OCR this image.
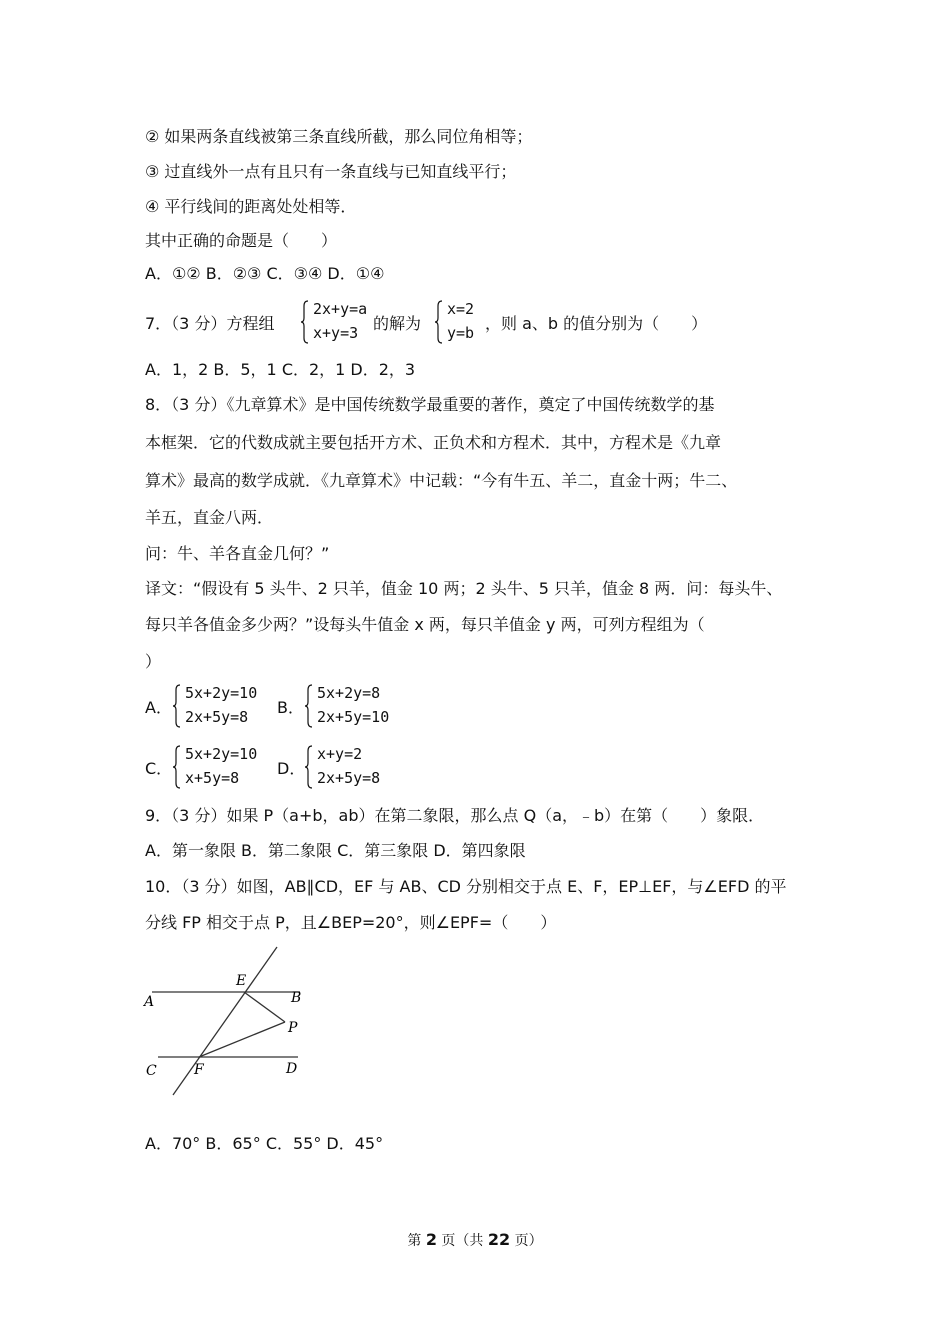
② 如果两条直线被第三条直线所截，那么同位角相等；
③ 过直线外一点有且只有一条直线与已知直线平行；
④ 平行线间的距离处处相等．
其中正确的命题是（　　）
A．①② B．②③ C．③④ D．①④
7．（3 分）方程组
2x+y=a
x+y=3 的解为
x=2
y=b ，则 a、b 的值分别为（　　）
A．1，2 B．5，1 C．2，1 D．2，3
8．（3 分）《九章算术》是中国传统数学最重要的著作，奠定了中国传统数学的基
本框架．它的代数成就主要包括开方术、正负术和方程术．其中，方程术是《九章
算术》最高的数学成就．《九章算术》中记载：“今有牛五、羊二，直金十两；牛二、
羊五，直金八两．
问：牛、羊各直金几何？”
译文：“假设有 5 头牛、2 只羊，值金 10 两；2 头牛、5 只羊，值金 8 两．问：每头牛、
每只羊各值金多少两？”设每头牛值金 x 两，每只羊值金 y 两，可列方程组为（
）
A．
5x+2y=10
2x+5y=8 B．
5x+2y=8
2x+5y=10
C．
5x+2y=10
x+5y=8 D．
x+y=2
2x+5y=8
9．（3 分）如果 P（a+b，ab）在第二象限，那么点 Q（a，﹣b）在第（　　）象限．
A．第一象限 B．第二象限 C．第三象限 D．第四象限
10．（3 分）如图，AB∥CD，EF 与 AB、CD 分别相交于点 E、F，EP⊥EF，与∠EFD 的平
分线 FP 相交于点 P，且∠BEP=20°，则∠EPF=（　　）
A	B
E
P
C	F	D
A．70° B．65° C．55° D．45°
第 2 页（共 22 页）
